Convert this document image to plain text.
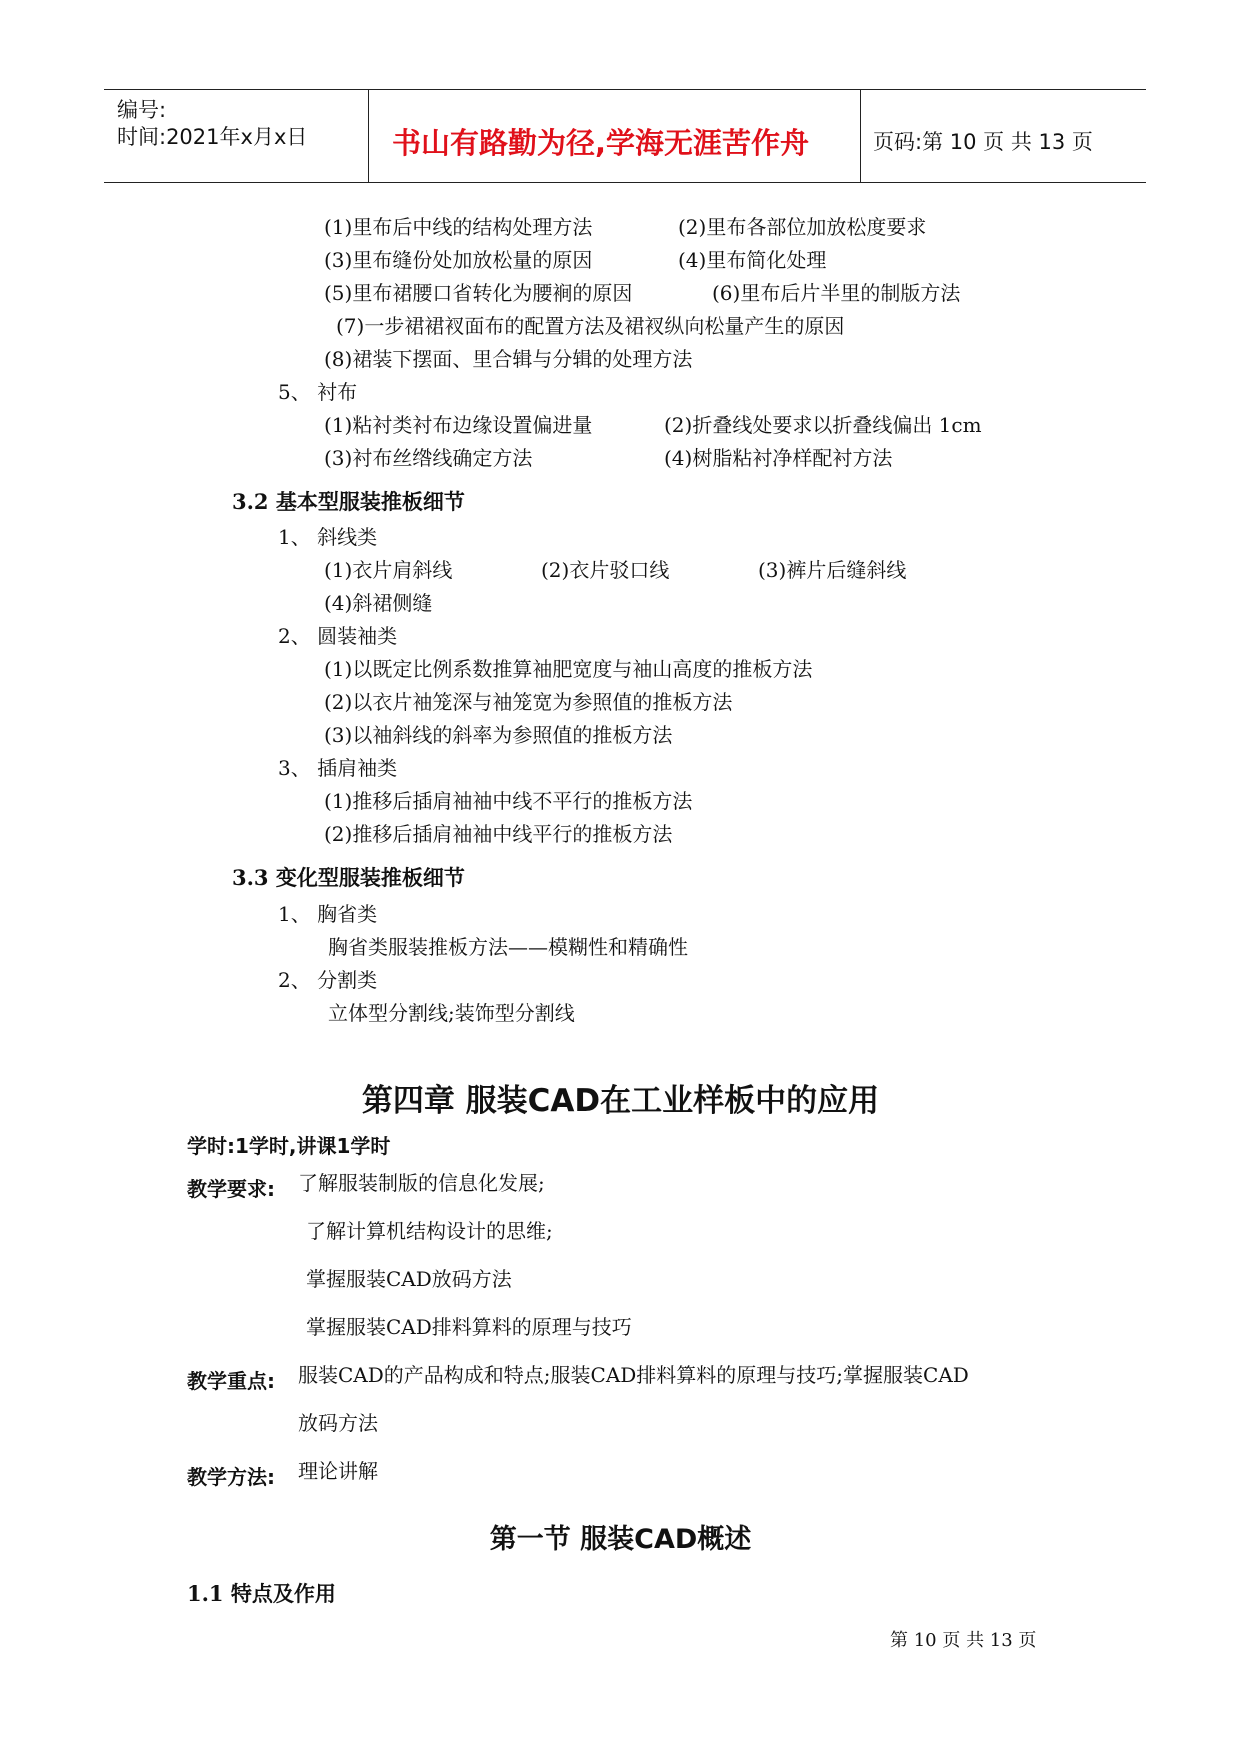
编号:
时间:2021年x月x日	书山有路勤为径,学海无涯苦作舟	页码:第 10 页 共 13 页
(1)里布后中线的结构处理方法	(2)里布各部位加放松度要求
(3)里布缝份处加放松量的原因	(4)里布简化处理
(5)里布裙腰口省转化为腰裥的原因	(6)里布后片半里的制版方法
(7)一步裙裙衩面布的配置方法及裙衩纵向松量产生的原因
(8)裙装下摆面、里合辑与分辑的处理方法
5、 衬布
(1)粘衬类衬布边缘设置偏进量	(2)折叠线处要求以折叠线偏出 1cm
(3)衬布丝绺线确定方法	(4)树脂粘衬净样配衬方法
3.2 基本型服装推板细节
1、 斜线类
(1)衣片肩斜线	(2)衣片驳口线	(3)裤片后缝斜线
(4)斜裙侧缝
2、 圆装袖类
(1)以既定比例系数推算袖肥宽度与袖山高度的推板方法
(2)以衣片袖笼深与袖笼宽为参照值的推板方法
(3)以袖斜线的斜率为参照值的推板方法
3、 插肩袖类
(1)推移后插肩袖袖中线不平行的推板方法
(2)推移后插肩袖袖中线平行的推板方法
3.3 变化型服装推板细节
1、 胸省类
胸省类服装推板方法——模糊性和精确性
2、 分割类
立体型分割线;装饰型分割线
第四章 服装CAD在工业样板中的应用
学时:1学时,讲课1学时
教学要求: 了解服装制版的信息化发展;
了解计算机结构设计的思维;
掌握服装CAD放码方法
掌握服装CAD排料算料的原理与技巧
教学重点: 服装CAD的产品构成和特点;服装CAD排料算料的原理与技巧;掌握服装CAD
放码方法
教学方法: 理论讲解
第一节 服装CAD概述
1.1 特点及作用
第 10 页 共 13 页
